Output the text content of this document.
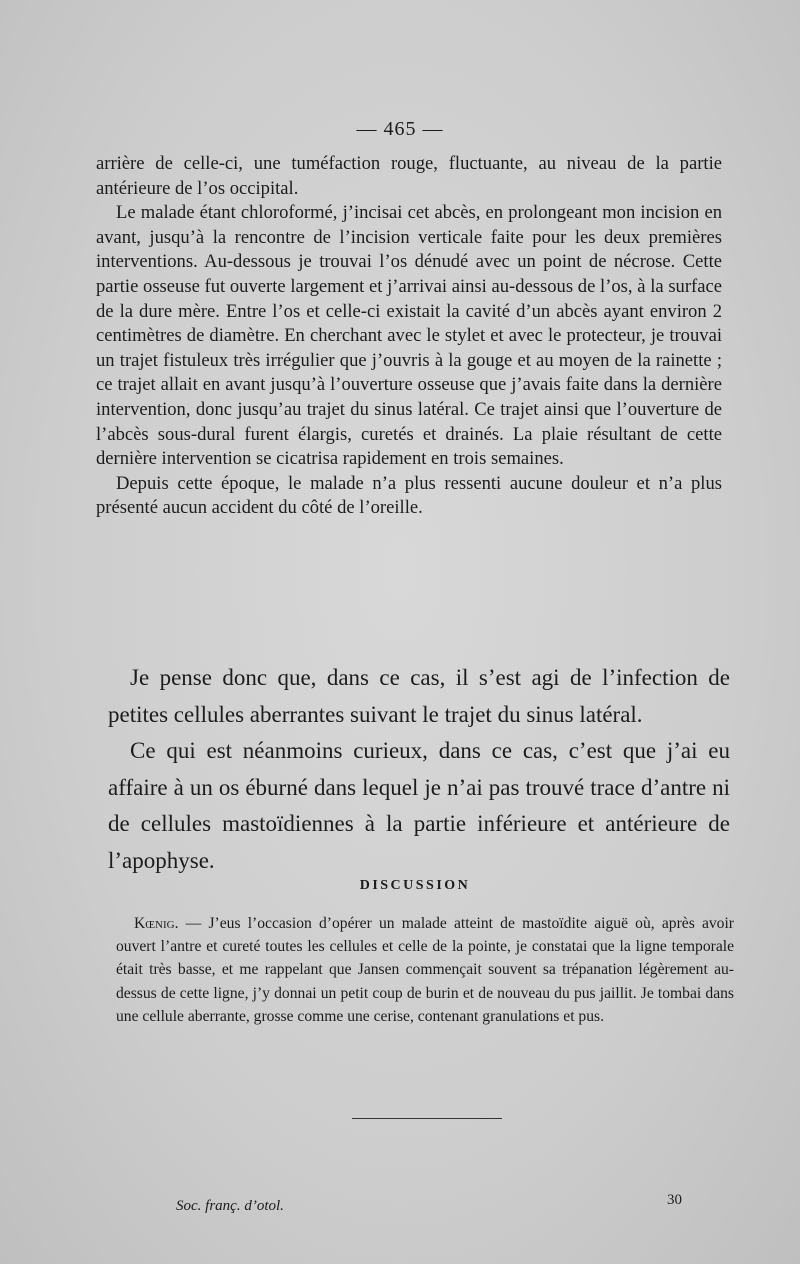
— 465 —

arrière de celle-ci, une tuméfaction rouge, fluctuante, au niveau de la partie antérieure de l’os occipital.

Le malade étant chloroformé, j’incisai cet abcès, en prolongeant mon incision en avant, jusqu’à la rencontre de l’incision verticale faite pour les deux premières interventions. Au-dessous je trouvai l’os dénudé avec un point de nécrose. Cette partie osseuse fut ouverte largement et j’arrivai ainsi au-dessous de l’os, à la surface de la dure mère. Entre l’os et celle-ci existait la cavité d’un abcès ayant environ 2 centimètres de diamètre. En cherchant avec le stylet et avec le protecteur, je trouvai un trajet fistuleux très irrégulier que j’ouvris à la gouge et au moyen de la rainette ; ce trajet allait en avant jusqu’à l’ouverture osseuse que j’avais faite dans la dernière intervention, donc jusqu’au trajet du sinus latéral. Ce trajet ainsi que l’ouverture de l’abcès sous-dural furent élargis, curetés et drainés. La plaie résultant de cette dernière intervention se cicatrisa rapidement en trois semaines.

Depuis cette époque, le malade n’a plus ressenti aucune douleur et n’a plus présenté aucun accident du côté de l’oreille.

Je pense donc que, dans ce cas, il s’est agi de l’infection de petites cellules aberrantes suivant le trajet du sinus latéral.

Ce qui est néanmoins curieux, dans ce cas, c’est que j’ai eu affaire à un os éburné dans lequel je n’ai pas trouvé trace d’antre ni de cellules mastoïdiennes à la partie inférieure et antérieure de l’apophyse.

DISCUSSION

Kœnig. — J’eus l’occasion d’opérer un malade atteint de mastoïdite aiguë où, après avoir ouvert l’antre et cureté toutes les cellules et celle de la pointe, je constatai que la ligne temporale était très basse, et me rappelant que Jansen commençait souvent sa trépanation légèrement au-dessus de cette ligne, j’y donnai un petit coup de burin et de nouveau du pus jaillit. Je tombai dans une cellule aberrante, grosse comme une cerise, contenant granulations et pus.

Soc. franç. d’otol.	30
